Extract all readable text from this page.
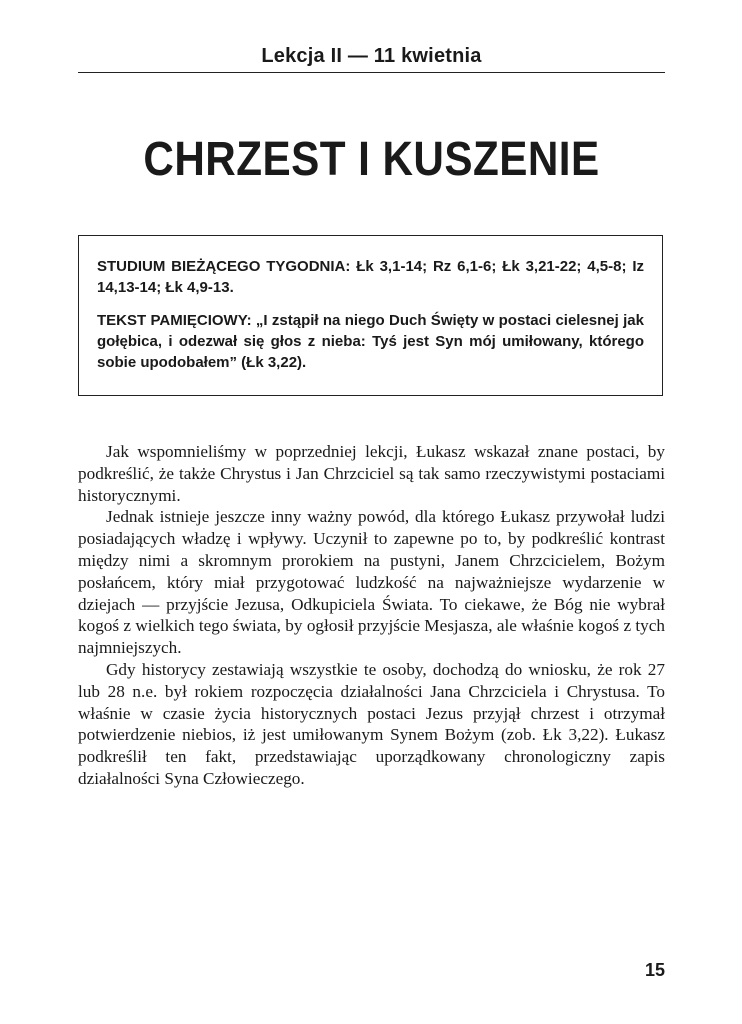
Lekcja II — 11 kwietnia
CHRZEST I KUSZENIE

STUDIUM BIEŻĄCEGO TYGODNIA: Łk 3,1-14; Rz 6,1-6; Łk 3,21-22; 4,5-8; Iz 14,13-14; Łk 4,9-13.

TEKST PAMIĘCIOWY: „I zstąpił na niego Duch Święty w postaci cielesnej jak gołębica, i odezwał się głos z nieba: Tyś jest Syn mój umiłowany, którego sobie upodobałem” (Łk 3,22).

Jak wspomnieliśmy w poprzedniej lekcji, Łukasz wskazał znane postaci, by podkreślić, że także Chrystus i Jan Chrzciciel są tak samo rzeczywistymi postaciami historycznymi.

Jednak istnieje jeszcze inny ważny powód, dla którego Łukasz przywołał ludzi posiadających władzę i wpływy. Uczynił to zapewne po to, by podkreślić kontrast między nimi a skromnym prorokiem na pustyni, Janem Chrzcicielem, Bożym posłańcem, który miał przygotować ludzkość na najważniejsze wydarzenie w dziejach — przyjście Jezusa, Odkupiciela Świata. To ciekawe, że Bóg nie wybrał kogoś z wielkich tego świata, by ogłosił przyjście Mesjasza, ale właśnie kogoś z tych najmniejszych.

Gdy historycy zestawiają wszystkie te osoby, dochodzą do wniosku, że rok 27 lub 28 n.e. był rokiem rozpoczęcia działalności Jana Chrzciciela i Chrystusa. To właśnie w czasie życia historycznych postaci Jezus przyjął chrzest i otrzymał potwierdzenie niebios, iż jest umiłowanym Synem Bożym (zob. Łk 3,22). Łukasz podkreślił ten fakt, przedstawiając uporządkowany chronologiczny zapis działalności Syna Człowieczego.

15
